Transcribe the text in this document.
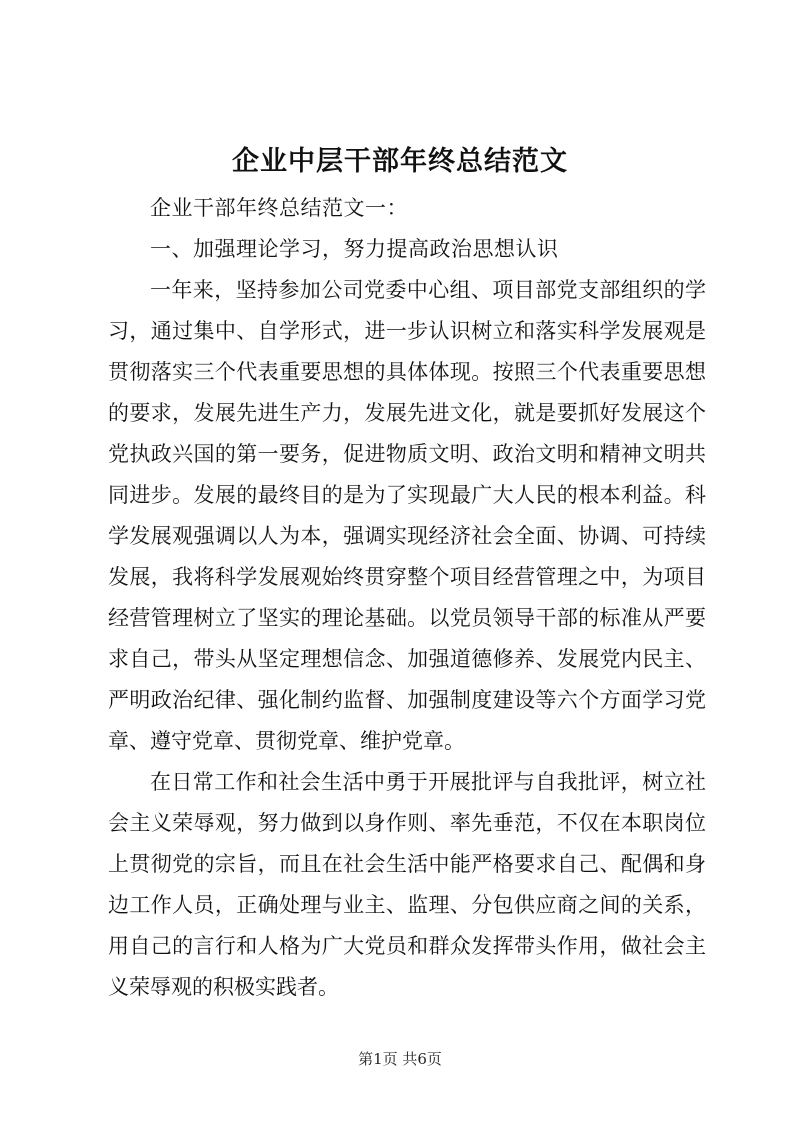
企业中层干部年终总结范文

企业干部年终总结范文一：

一、加强理论学习，努力提高政治思想认识

一年来，坚持参加公司党委中心组、项目部党支部组织的学习，通过集中、自学形式，进一步认识树立和落实科学发展观是贯彻落实三个代表重要思想的具体体现。按照三个代表重要思想的要求，发展先进生产力，发展先进文化，就是要抓好发展这个党执政兴国的第一要务，促进物质文明、政治文明和精神文明共同进步。发展的最终目的是为了实现最广大人民的根本利益。科学发展观强调以人为本，强调实现经济社会全面、协调、可持续发展，我将科学发展观始终贯穿整个项目经营管理之中，为项目经营管理树立了坚实的理论基础。以党员领导干部的标准从严要求自己，带头从坚定理想信念、加强道德修养、发展党内民主、严明政治纪律、强化制约监督、加强制度建设等六个方面学习党章、遵守党章、贯彻党章、维护党章。

在日常工作和社会生活中勇于开展批评与自我批评，树立社会主义荣辱观，努力做到以身作则、率先垂范，不仅在本职岗位上贯彻党的宗旨，而且在社会生活中能严格要求自己、配偶和身边工作人员，正确处理与业主、监理、分包供应商之间的关系，用自己的言行和人格为广大党员和群众发挥带头作用，做社会主义荣辱观的积极实践者。

第1页 共6页
